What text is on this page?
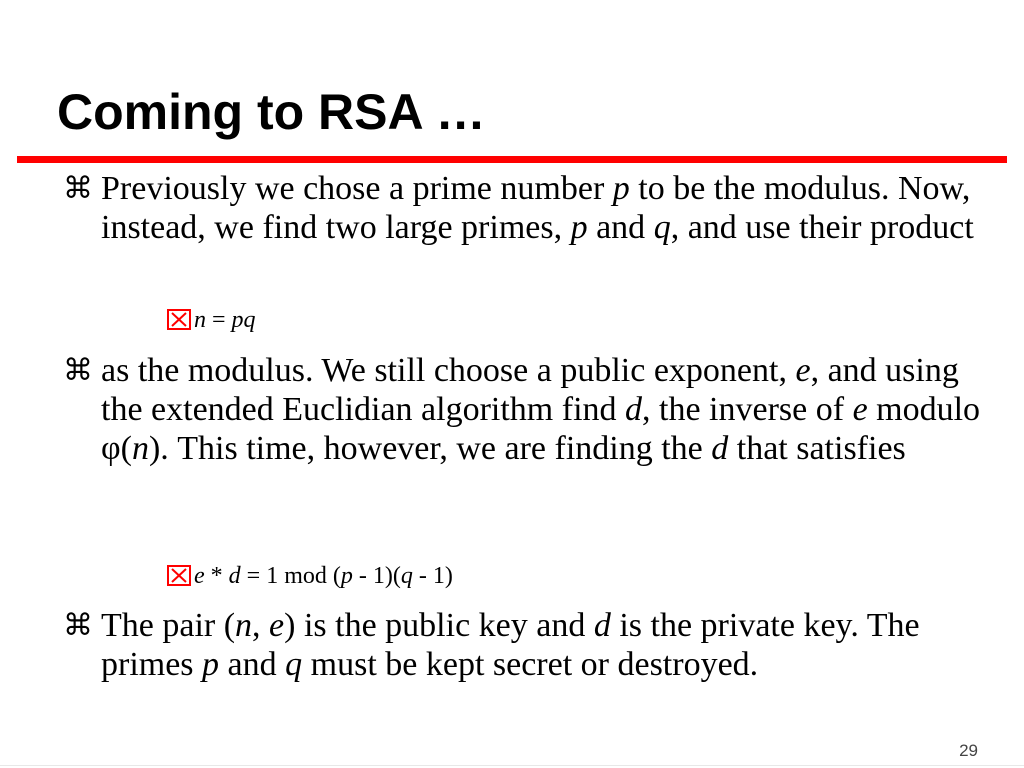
Coming to RSA …
⌘ Previously we chose a prime number p to be the modulus. Now, instead, we find two large primes, p and q, and use their product
n = pq
⌘ as the modulus. We still choose a public exponent, e, and using the extended Euclidian algorithm find d, the inverse of e modulo φ(n). This time, however, we are finding the d that satisfies
e * d = 1 mod (p - 1)(q - 1)
⌘ The pair (n, e) is the public key and d is the private key. The primes p and q must be kept secret or destroyed.
29
